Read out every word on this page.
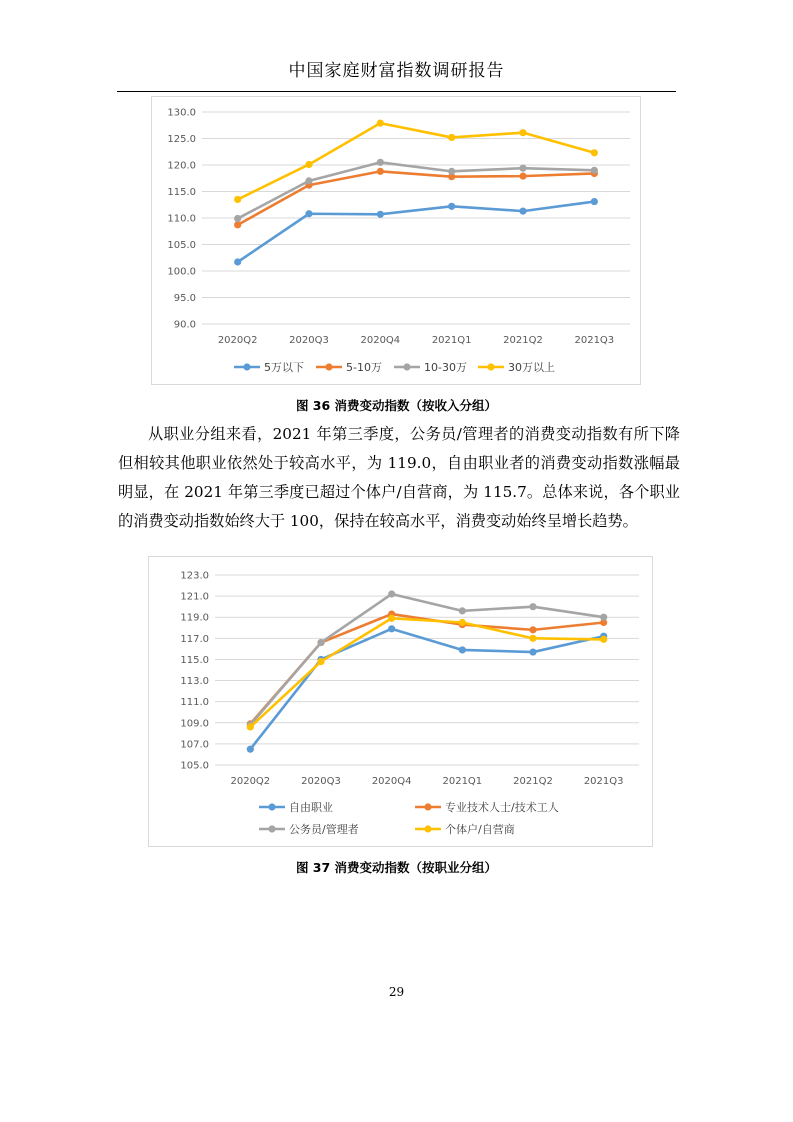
中国家庭财富指数调研报告
90.0
95.0
100.0
105.0
110.0
115.0
120.0
125.0
130.0
2020Q2	2020Q3	2020Q4	2021Q1	2021Q2	2021Q3
5万以下	5-10万	10-30万	30万以上
图 36 消费变动指数（按收入分组）
从职业分组来看，2021 年第三季度，公务员/管理者的消费变动指数有所下降但相较其他职业依然处于较高水平，为 119.0，自由职业者的消费变动指数涨幅最明显，在 2021 年第三季度已超过个体户/自营商，为 115.7。总体来说，各个职业的消费变动指数始终大于 100，保持在较高水平，消费变动始终呈增长趋势。
105.0
107.0
109.0
111.0
113.0
115.0
117.0
119.0
121.0
123.0
2020Q2	2020Q3	2020Q4	2021Q1	2021Q2	2021Q3
自由职业	专业技术人士/技术工人
公务员/管理者	个体户/自营商
图 37 消费变动指数（按职业分组）
29
